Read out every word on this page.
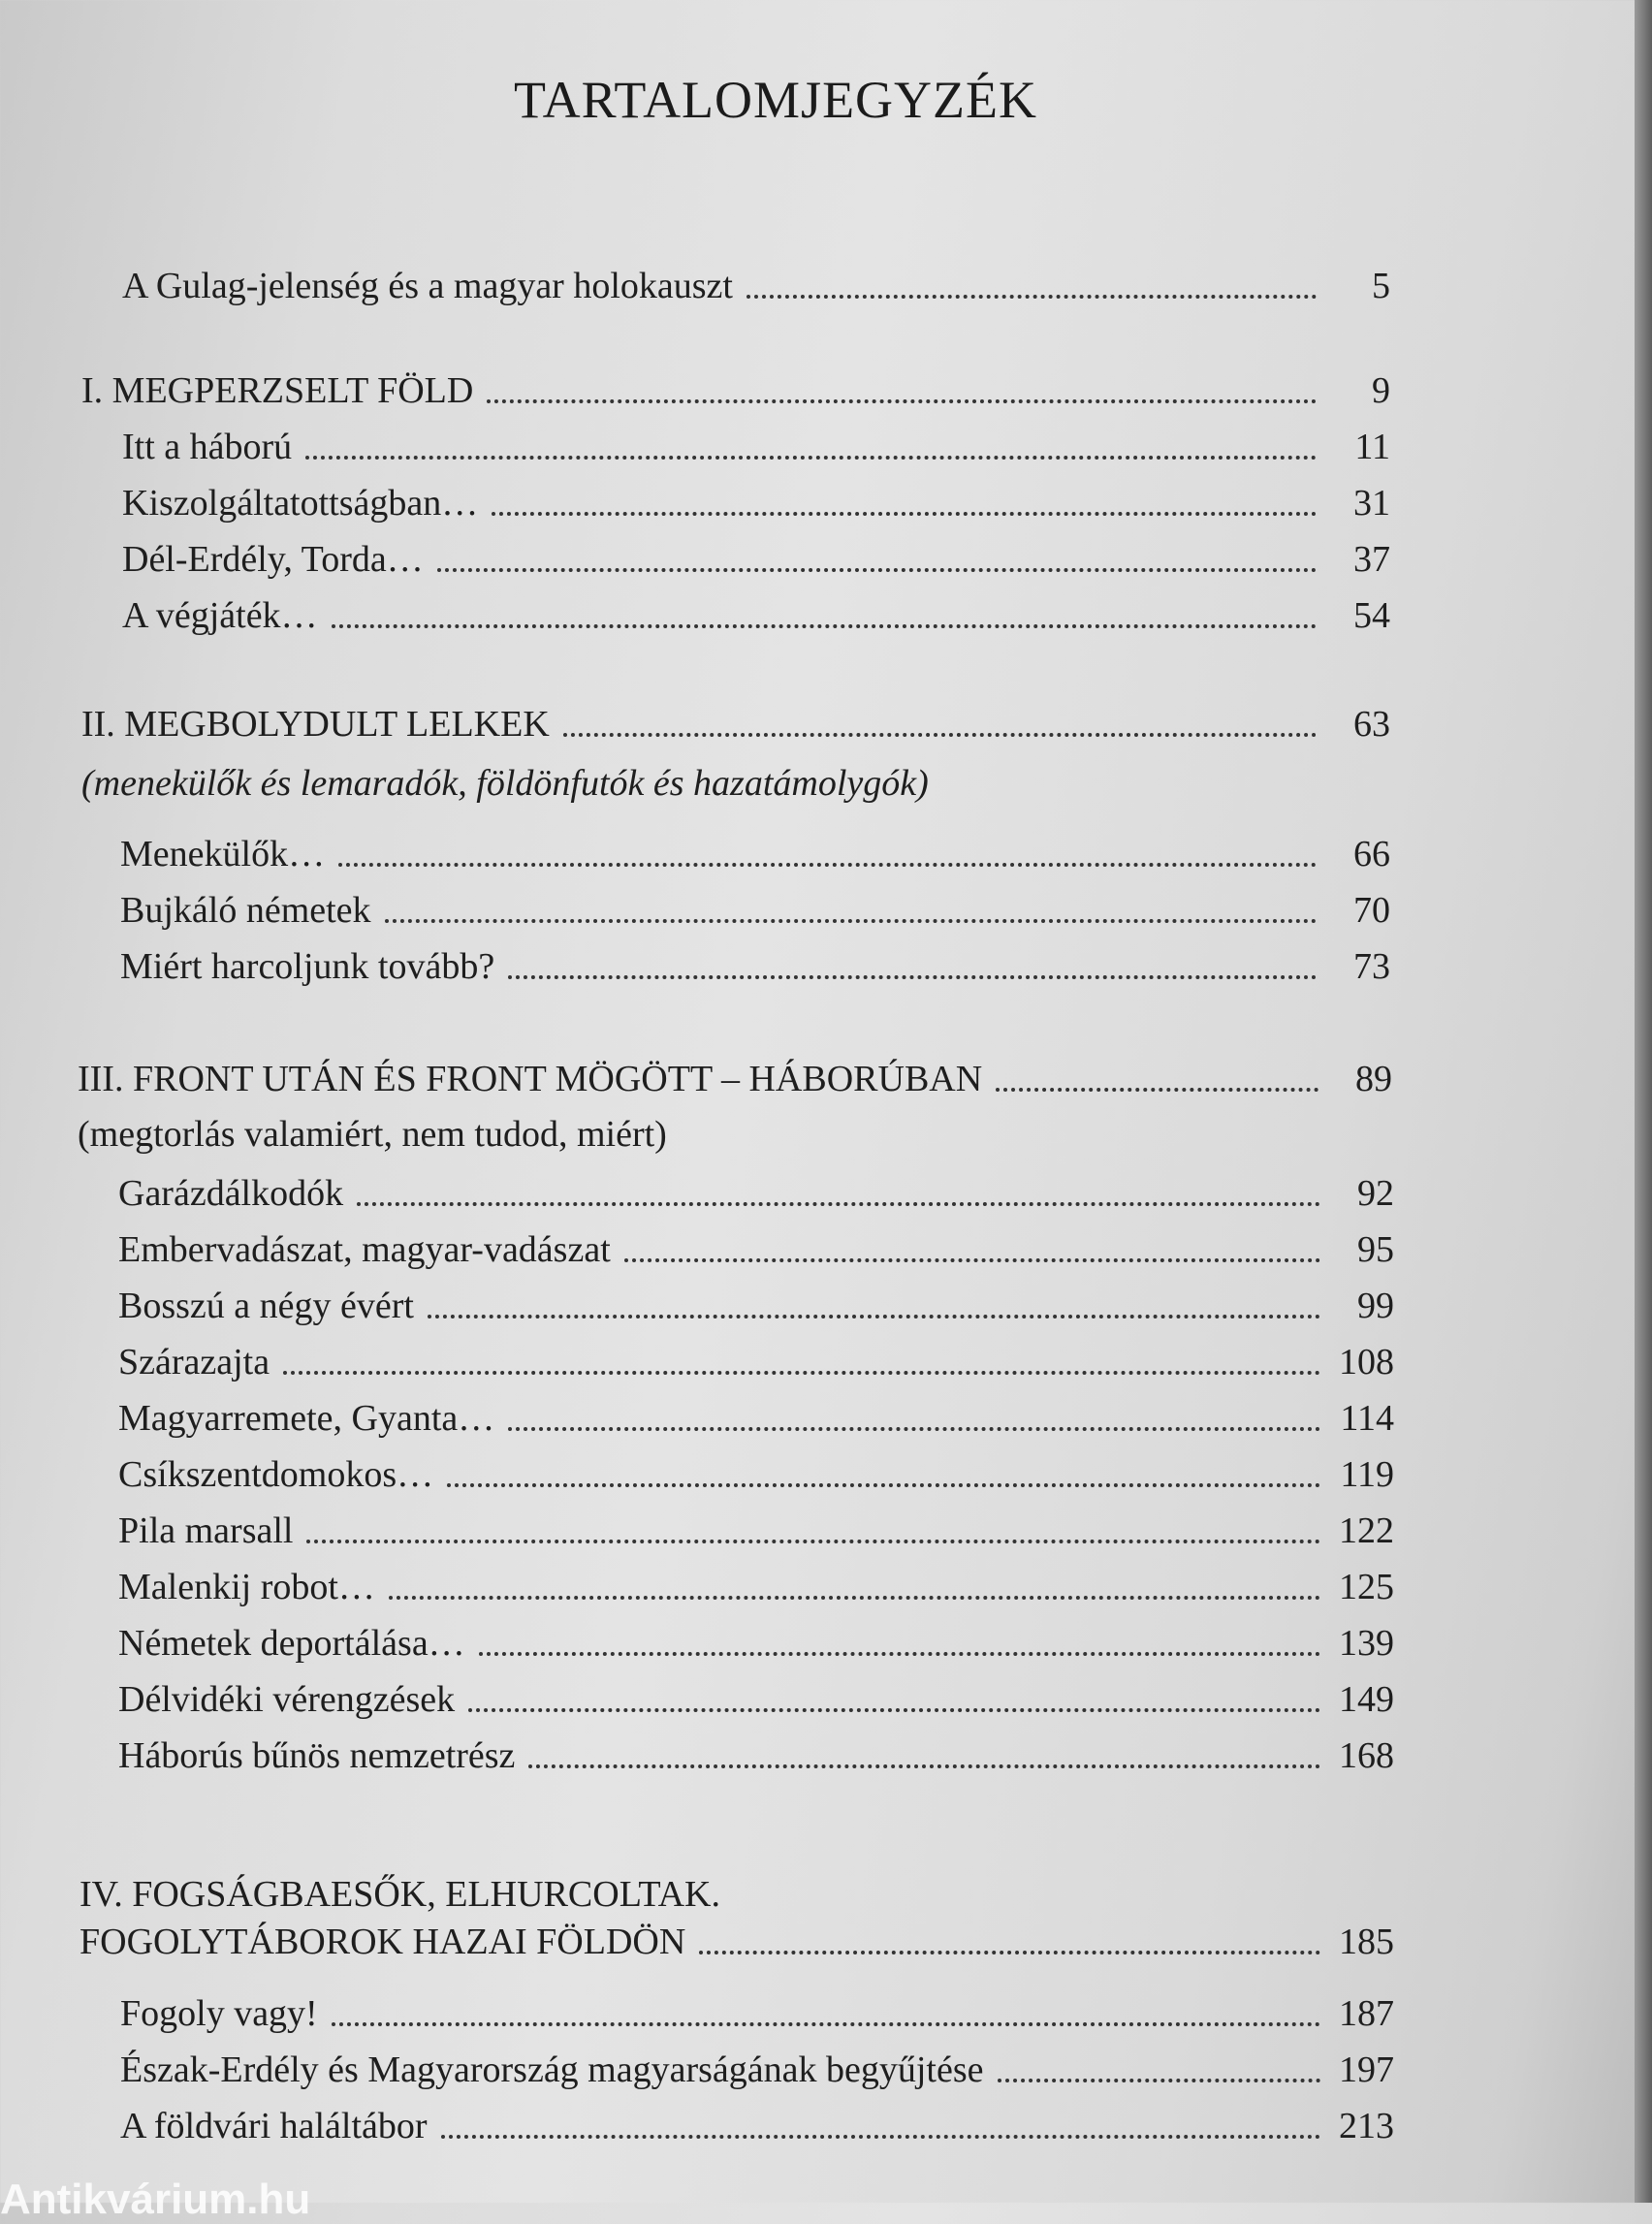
TARTALOMJEGYZÉK
A Gulag-jelenség és a magyar holokauszt	5
I. MEGPERZSELT FÖLD	9
Itt a háború	11
Kiszolgáltatottságban…	31
Dél-Erdély, Torda…	37
A végjáték…	54
II. MEGBOLYDULT LELKEK	63
(menekülők és lemaradók, földönfutók és hazatámolygók)
Menekülők…	66
Bujkáló németek	70
Miért harcoljunk tovább?	73
III. FRONT UTÁN ÉS FRONT MÖGÖTT – HÁBORÚBAN	89
(megtorlás valamiért, nem tudod, miért)
Garázdálkodók	92
Embervadászat, magyar-vadászat	95
Bosszú a négy évért	99
Szárazajta	108
Magyarremete, Gyanta…	114
Csíkszentdomokos…	119
Pila marsall	122
Malenkij robot…	125
Németek deportálása…	139
Délvidéki vérengzések	149
Háborús bűnös nemzetrész	168
IV. FOGSÁGBAESŐK, ELHURCOLTAK.
FOGOLYTÁBOROK HAZAI FÖLDÖN	185
Fogoly vagy!	187
Észak-Erdély és Magyarország magyarságának begyűjtése	197
A földvári haláltábor	213
Antikvárium.hu
